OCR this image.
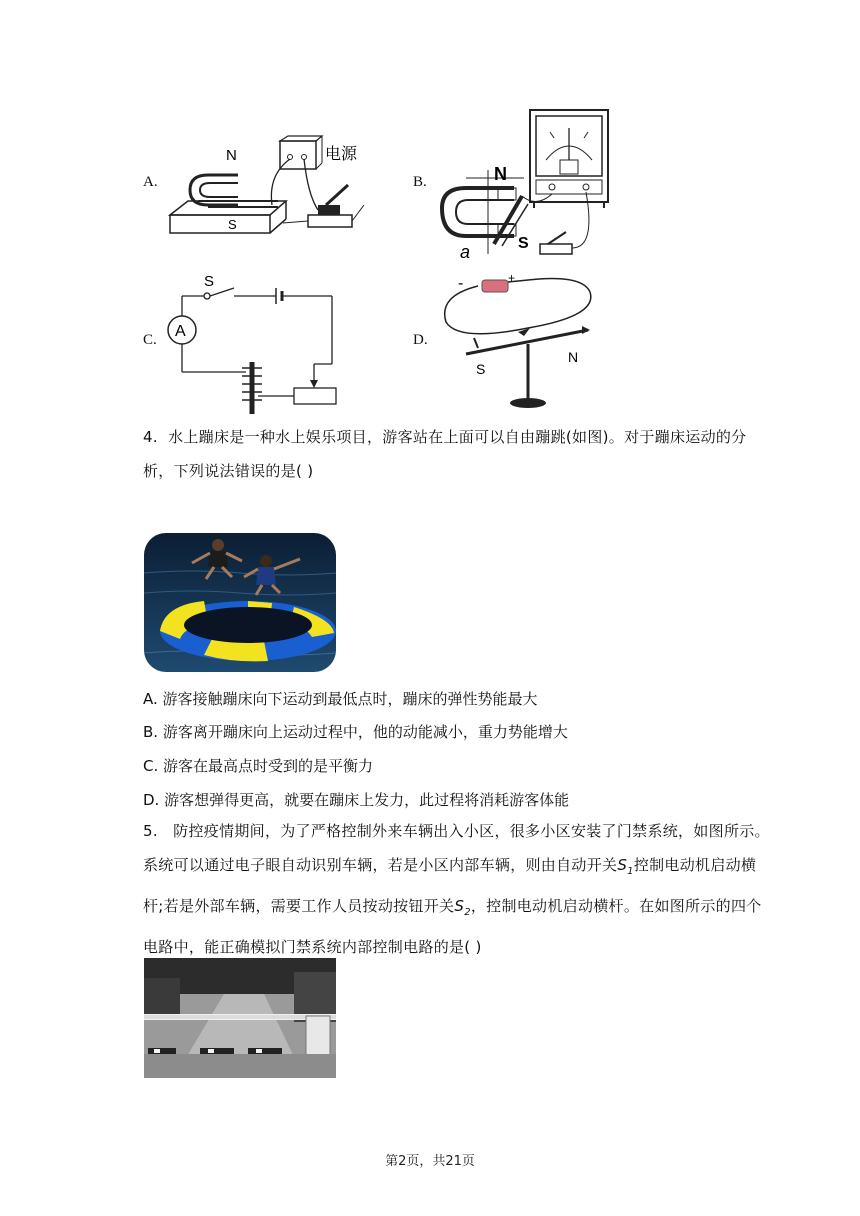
A.
N
S
电源
B.	N
S
a
C. A
S
D.
-	+
S
N
4. 水上蹦床是一种水上娱乐项目，游客站在上面可以自由蹦跳(如图)。对于蹦床运动的分
析，下列说法错误的是( )
A. 游客接触蹦床向下运动到最低点时，蹦床的弹性势能最大
B. 游客离开蹦床向上运动过程中，他的动能减小，重力势能增大
C. 游客在最高点时受到的是平衡力
D. 游客想弹得更高，就要在蹦床上发力，此过程将消耗游客体能
5. 防控疫情期间，为了严格控制外来车辆出入小区，很多小区安装了门禁系统，如图所示。
系统可以通过电子眼自动识别车辆，若是小区内部车辆，则由自动开关$S_1$控制电动机启动横
杆;若是外部车辆，需要工作人员按动按钮开关$S_2$，控制电动机启动横杆。在如图所示的四个
电路中，能正确模拟门禁系统内部控制电路的是( )
第2页，共21页
